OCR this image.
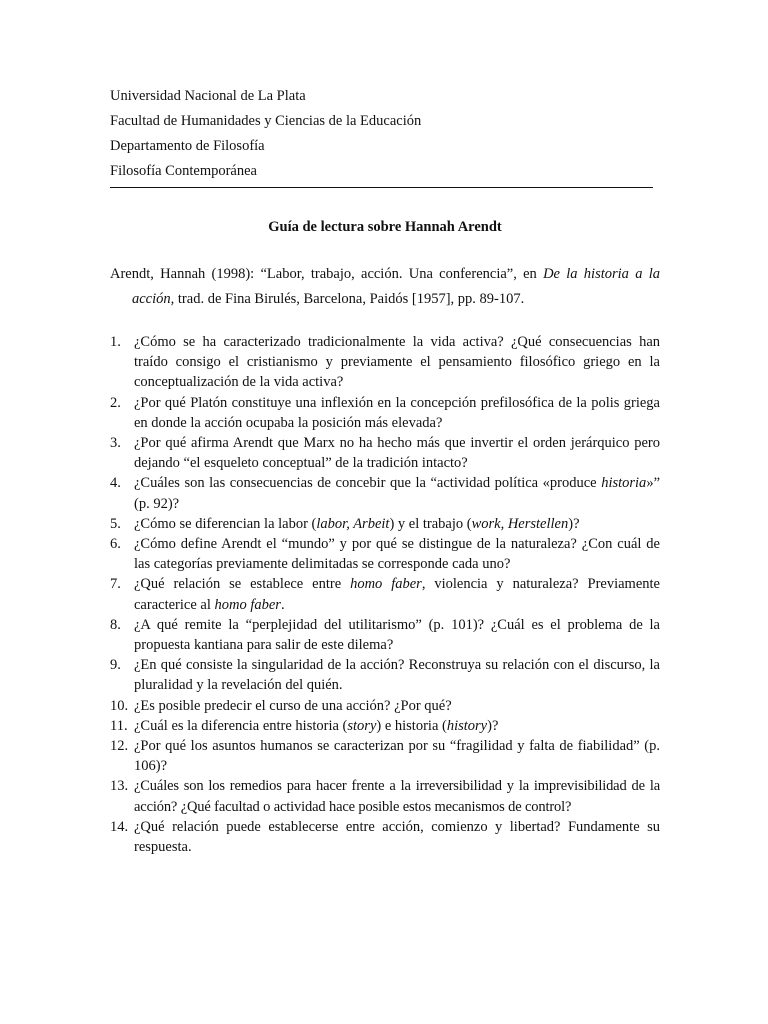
Universidad Nacional de La Plata
Facultad de Humanidades y Ciencias de la Educación
Departamento de Filosofía
Filosofía Contemporánea
Guía de lectura sobre Hannah Arendt
Arendt, Hannah (1998): “Labor, trabajo, acción. Una conferencia”, en De la historia a la acción, trad. de Fina Birulés, Barcelona, Paidós [1957], pp. 89-107.
1. ¿Cómo se ha caracterizado tradicionalmente la vida activa? ¿Qué consecuencias han traído consigo el cristianismo y previamente el pensamiento filosófico griego en la conceptualización de la vida activa?
2. ¿Por qué Platón constituye una inflexión en la concepción prefilosófica de la polis griega en donde la acción ocupaba la posición más elevada?
3. ¿Por qué afirma Arendt que Marx no ha hecho más que invertir el orden jerárquico pero dejando “el esqueleto conceptual” de la tradición intacto?
4. ¿Cuáles son las consecuencias de concebir que la “actividad política «produce historia»” (p. 92)?
5. ¿Cómo se diferencian la labor (labor, Arbeit) y el trabajo (work, Herstellen)?
6. ¿Cómo define Arendt el “mundo” y por qué se distingue de la naturaleza? ¿Con cuál de las categorías previamente delimitadas se corresponde cada uno?
7. ¿Qué relación se establece entre homo faber, violencia y naturaleza? Previamente caracterice al homo faber.
8. ¿A qué remite la “perplejidad del utilitarismo” (p. 101)? ¿Cuál es el problema de la propuesta kantiana para salir de este dilema?
9. ¿En qué consiste la singularidad de la acción? Reconstruya su relación con el discurso, la pluralidad y la revelación del quién.
10. ¿Es posible predecir el curso de una acción? ¿Por qué?
11. ¿Cuál es la diferencia entre historia (story) e historia (history)?
12. ¿Por qué los asuntos humanos se caracterizan por su “fragilidad y falta de fiabilidad” (p. 106)?
13. ¿Cuáles son los remedios para hacer frente a la irreversibilidad y la imprevisibilidad de la acción? ¿Qué facultad o actividad hace posible estos mecanismos de control?
14. ¿Qué relación puede establecerse entre acción, comienzo y libertad? Fundamente su respuesta.
